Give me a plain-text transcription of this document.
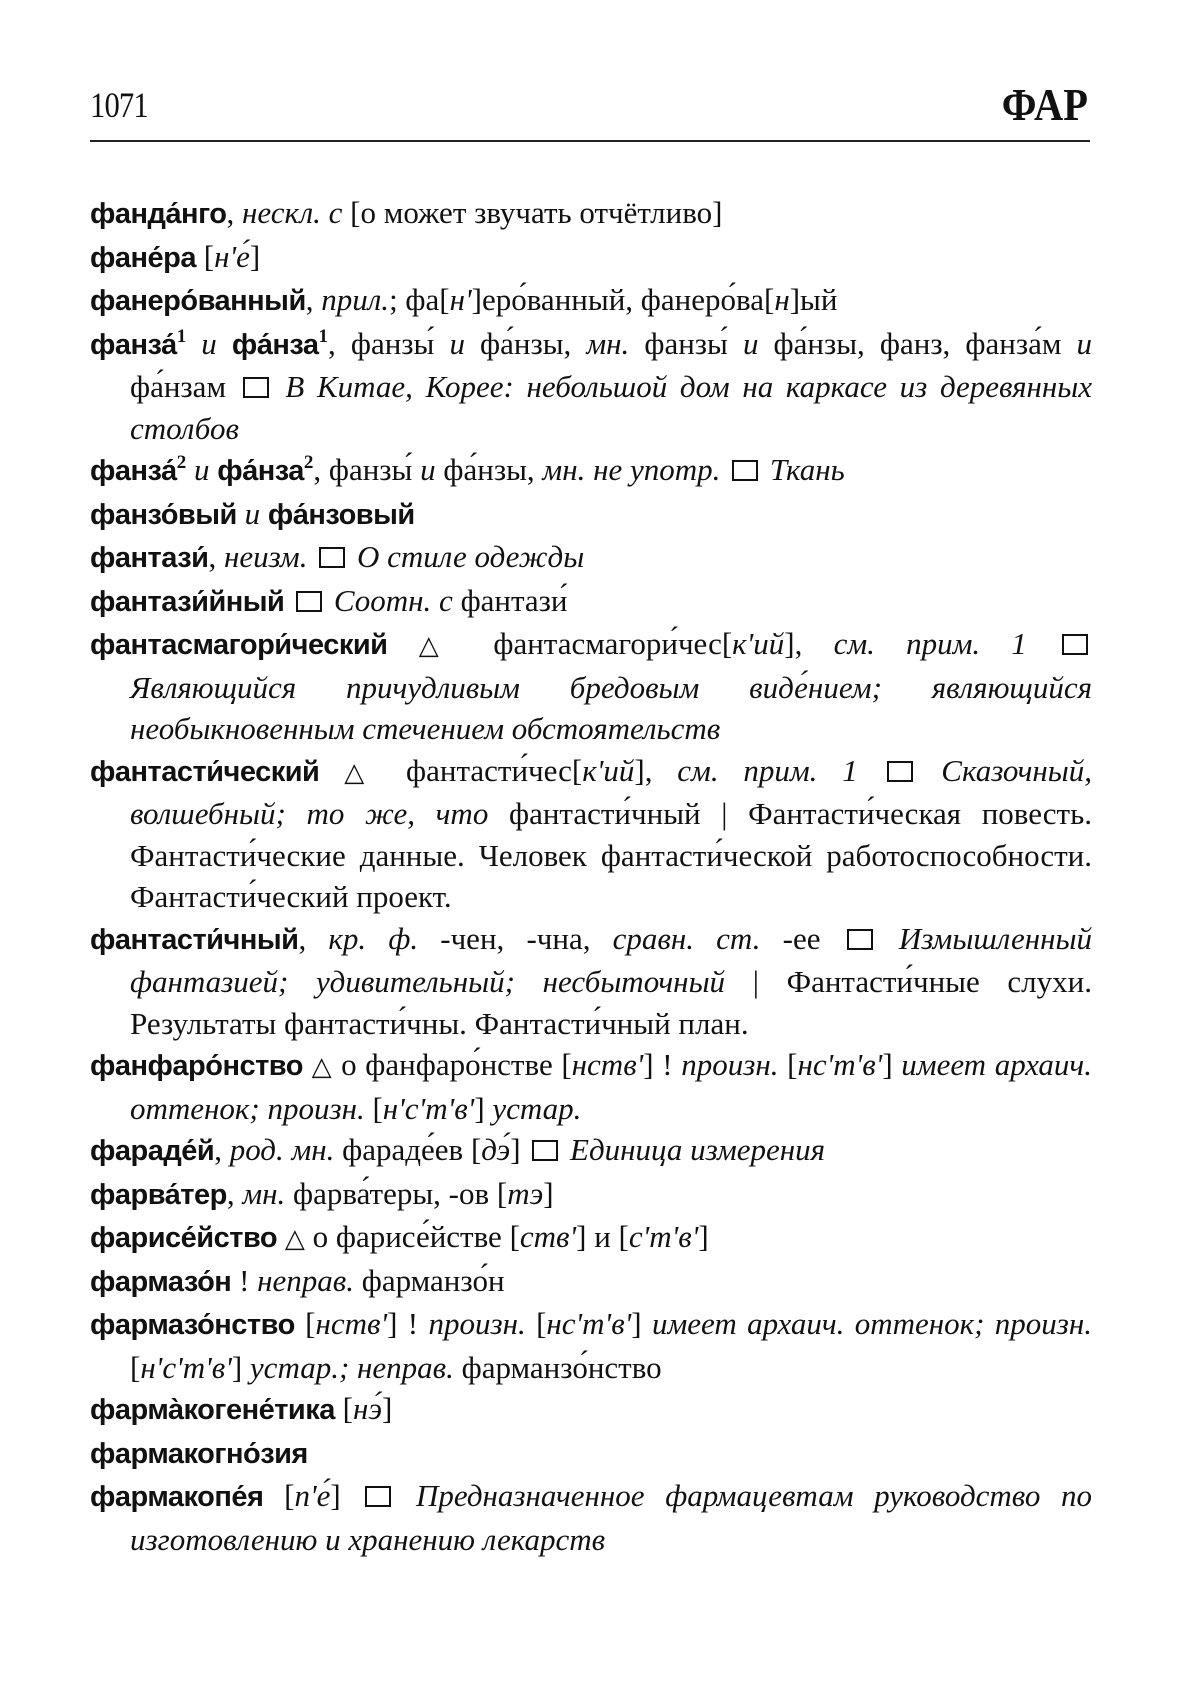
1071	ФАР
фанда́нго, нескл. с [о может звучать отчётливо]
фане́ра [н'е́]
фанеро́ванный, прил.; фа[н']еро́ванный, фанеро́ва[н]ый
фанза́$^1$ и фа́нза$^1$, фанзы́ и фа́нзы, мн. фанзы́ и фа́нзы, фанз, фанза́м и фа́нзам  В Китае, Корее: небольшой дом на каркасе из деревянных столбов
фанза́$^2$ и фа́нза$^2$, фанзы́ и фа́нзы, мн. не употр.  Ткань
фанзо́вый и фа́нзовый
фантази́, неизм.  О стиле одежды
фантази́йный  Соотн. с фантази́
фантасмагори́ческий △ фантасмагори́чес[к'ий], см. прим. 1  Являющийся причудливым бредовым виде́нием; являющийся необыкновенным стечением обстоятельств
фантасти́ческий △ фантасти́чес[к'ий], см. прим. 1  Сказочный, волшебный; то же, что фантасти́чный | Фантасти́ческая повесть. Фантасти́ческие данные. Человек фантасти́ческой работоспособности. Фантасти́ческий проект.
фантасти́чный, кр. ф. -чен, -чна, сравн. ст. -ее  Измышленный фантазией; удивительный; несбыточный | Фантасти́чные слухи. Результаты фантасти́чны. Фантасти́чный план.
фанфаро́нство △ о фанфаро́нстве [нств'] ! произн. [нс'т'в'] имеет архаич. оттенок; произн. [н'с'т'в'] устар.
фараде́й, род. мн. фараде́ев [дэ́]  Единица измерения
фарва́тер, мн. фарва́теры, -ов [тэ]
фарисе́йство △ о фарисе́йстве [ств'] и [с'т'в']
фармазо́н ! неправ. фарманзо́н
фармазо́нство [нств'] ! произн. [нс'т'в'] имеет архаич. оттенок; произн. [н'с'т'в'] устар.; неправ. фарманзо́нство
фарма̀когене́тика [нэ́]
фармакогно́зия
фармакопе́я [п'е́]  Предназначенное фармацевтам руководство по изготовлению и хранению лекарств
